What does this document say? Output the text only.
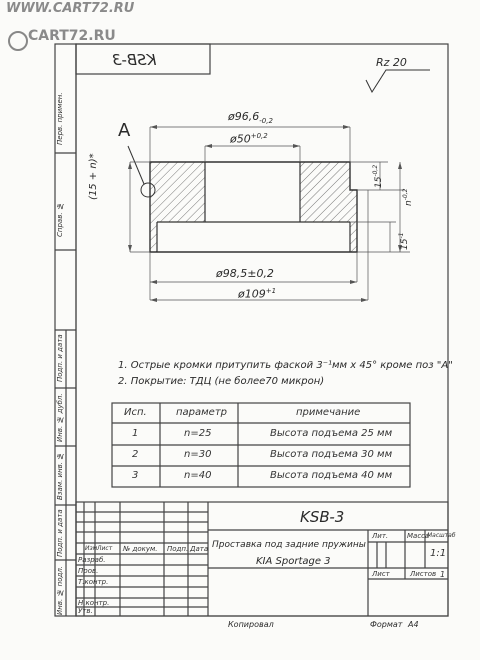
WWW.CART72.RU
CART72.RU
Перв. примен.
Справ. №
Подп. и дата
Инв. № дубл.
Взам. инв. №
Подп. и дата
Инв. № подл.
KSB-3	Rz 20
A
$ø96,6_{-0,2}$
$ø50^{+0,2}$
ø98,5±0,2
$ø109^{+1}$
(15 + n)*	$15^{-0,2}$
$n^{-0,2}$
$15^{-1}$
1. Острые кромки притупить фаской 3⁻¹мм x 45° кроме поз "А"
2. Покрытие: ТДЦ (не более70 микрон)
Исп.	параметр	примечание
1	n=25	Высота подъема 25 мм
2	n=30	Высота подъема 30 мм
3	n=40	Высота подъема 40 мм
KSB-3
Проставка под задние пружины
KIA Sportage 3
Лит.	Масса
Масштаб
1:1
Лист	Листов 1
Изм Лист № докум. Подп. Дата
Разраб.
Пров.
Т.контр.
Н.контр.
Утв.
Копировал	Формат А4
